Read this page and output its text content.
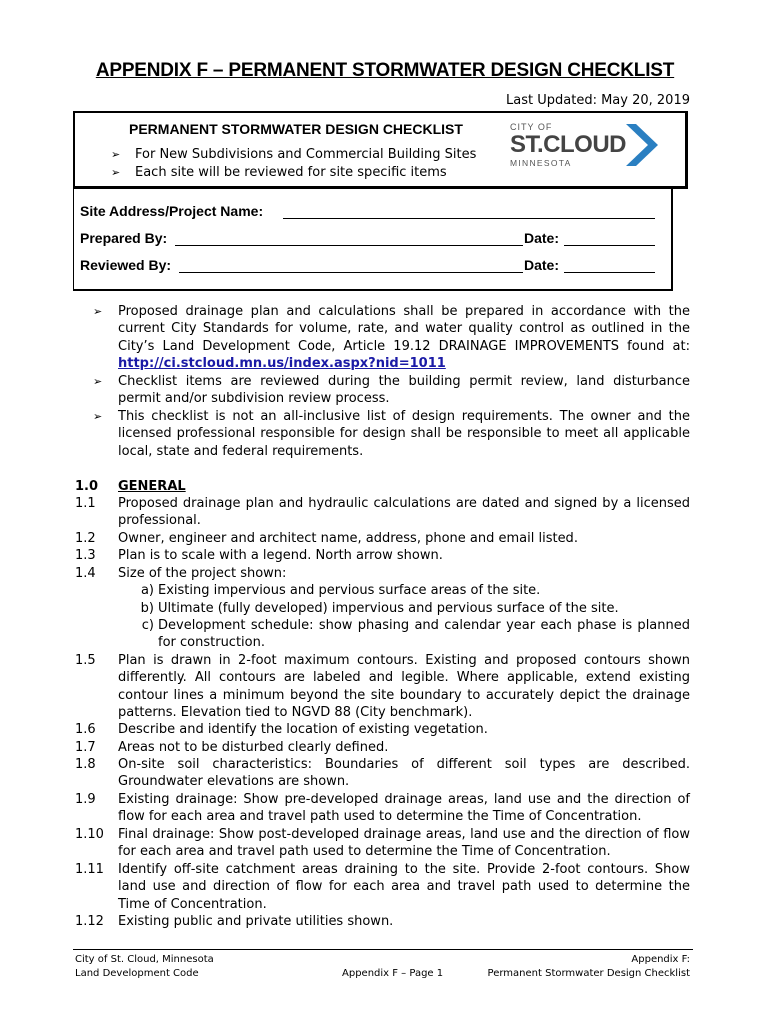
APPENDIX F – PERMANENT STORMWATER DESIGN CHECKLIST
Last Updated: May 20, 2019
PERMANENT STORMWATER DESIGN CHECKLIST
➢ For New Subdivisions and Commercial Building Sites
➢ Each site will be reviewed for site specific items
CITY OF
ST.CLOUD
MINNESOTA
Site Address/Project Name:
Prepared By:	Date:
Reviewed By:	Date:
➢ Proposed drainage plan and calculations shall be prepared in accordance with the current City Standards for volume, rate, and water quality control as outlined in the City’s Land Development Code, Article 19.12 DRAINAGE IMPROVEMENTS found at: http://ci.stcloud.mn.us/index.aspx?nid=1011
➢ Checklist items are reviewed during the building permit review, land disturbance permit and/or subdivision review process.
➢ This checklist is not an all-inclusive list of design requirements. The owner and the licensed professional responsible for design shall be responsible to meet all applicable local, state and federal requirements.
1.0	GENERAL
1.1	Proposed drainage plan and hydraulic calculations are dated and signed by a licensed professional.
1.2	Owner, engineer and architect name, address, phone and email listed.
1.3	Plan is to scale with a legend. North arrow shown.
1.4	Size of the project shown:
a) Existing impervious and pervious surface areas of the site.
b) Ultimate (fully developed) impervious and pervious surface of the site.
c) Development schedule: show phasing and calendar year each phase is planned for construction.
1.5	Plan is drawn in 2-foot maximum contours. Existing and proposed contours shown differently. All contours are labeled and legible. Where applicable, extend existing contour lines a minimum beyond the site boundary to accurately depict the drainage patterns. Elevation tied to NGVD 88 (City benchmark).
1.6	Describe and identify the location of existing vegetation.
1.7	Areas not to be disturbed clearly defined.
1.8	On-site soil characteristics: Boundaries of different soil types are described. Groundwater elevations are shown.
1.9	Existing drainage: Show pre-developed drainage areas, land use and the direction of flow for each area and travel path used to determine the Time of Concentration.
1.10	Final drainage: Show post-developed drainage areas, land use and the direction of flow for each area and travel path used to determine the Time of Concentration.
1.11	Identify off-site catchment areas draining to the site. Provide 2-foot contours. Show land use and direction of flow for each area and travel path used to determine the Time of Concentration.
1.12	Existing public and private utilities shown.
City of St. Cloud, Minnesota
Land Development Code	Appendix F – Page 1
Appendix F:
Permanent Stormwater Design Checklist
